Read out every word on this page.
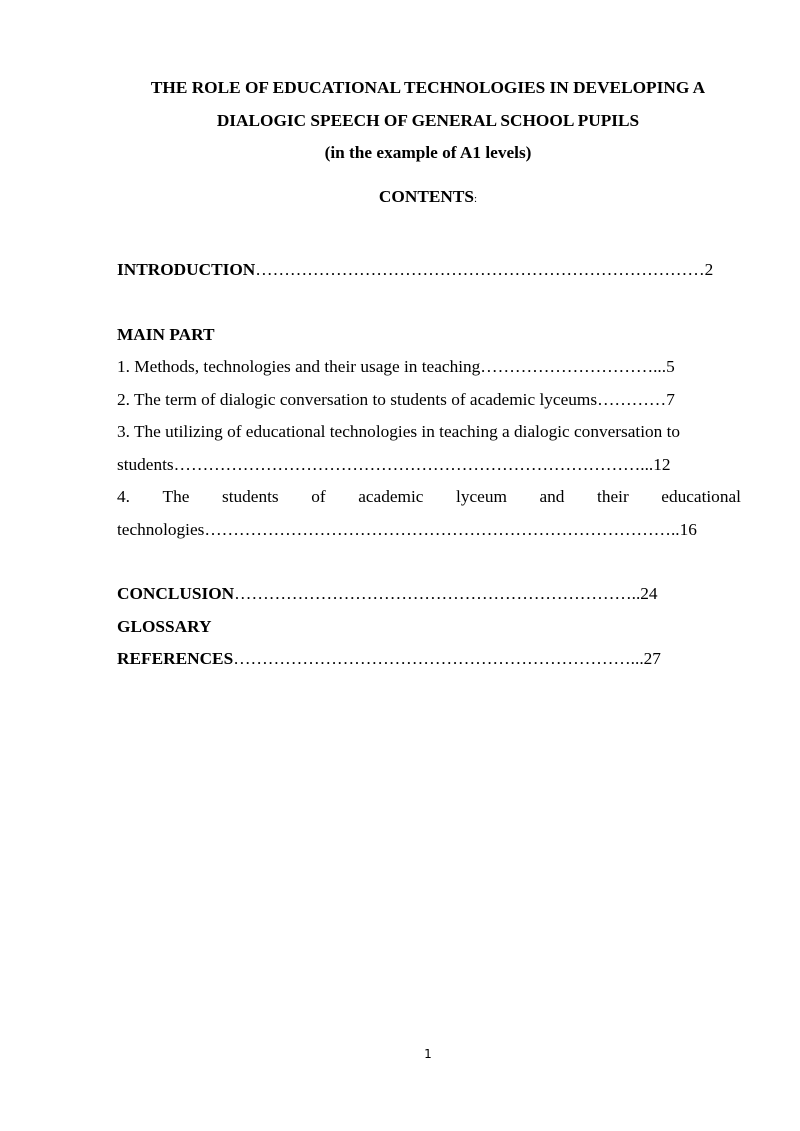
THE ROLE OF EDUCATIONAL TECHNOLOGIES IN DEVELOPING A
DIALOGIC SPEECH OF GENERAL SCHOOL PUPILS
(in the example of A1 levels)
CONTENTS:
INTRODUCTION……………………………………………………………………2
MAIN PART
1. Methods, technologies and their usage in teaching…………………………...5
2. The term of dialogic conversation to students of academic lyceums…………7
3. The utilizing of educational technologies in teaching a dialogic conversation to
students………………………………………………………………………...12
4. The students of academic lyceum and their educational
technologies………………………………………………………………………..16
CONCLUSION……………………………………………………………..24
GLOSSARY
REFERENCES……………………………………………………………...27
1
